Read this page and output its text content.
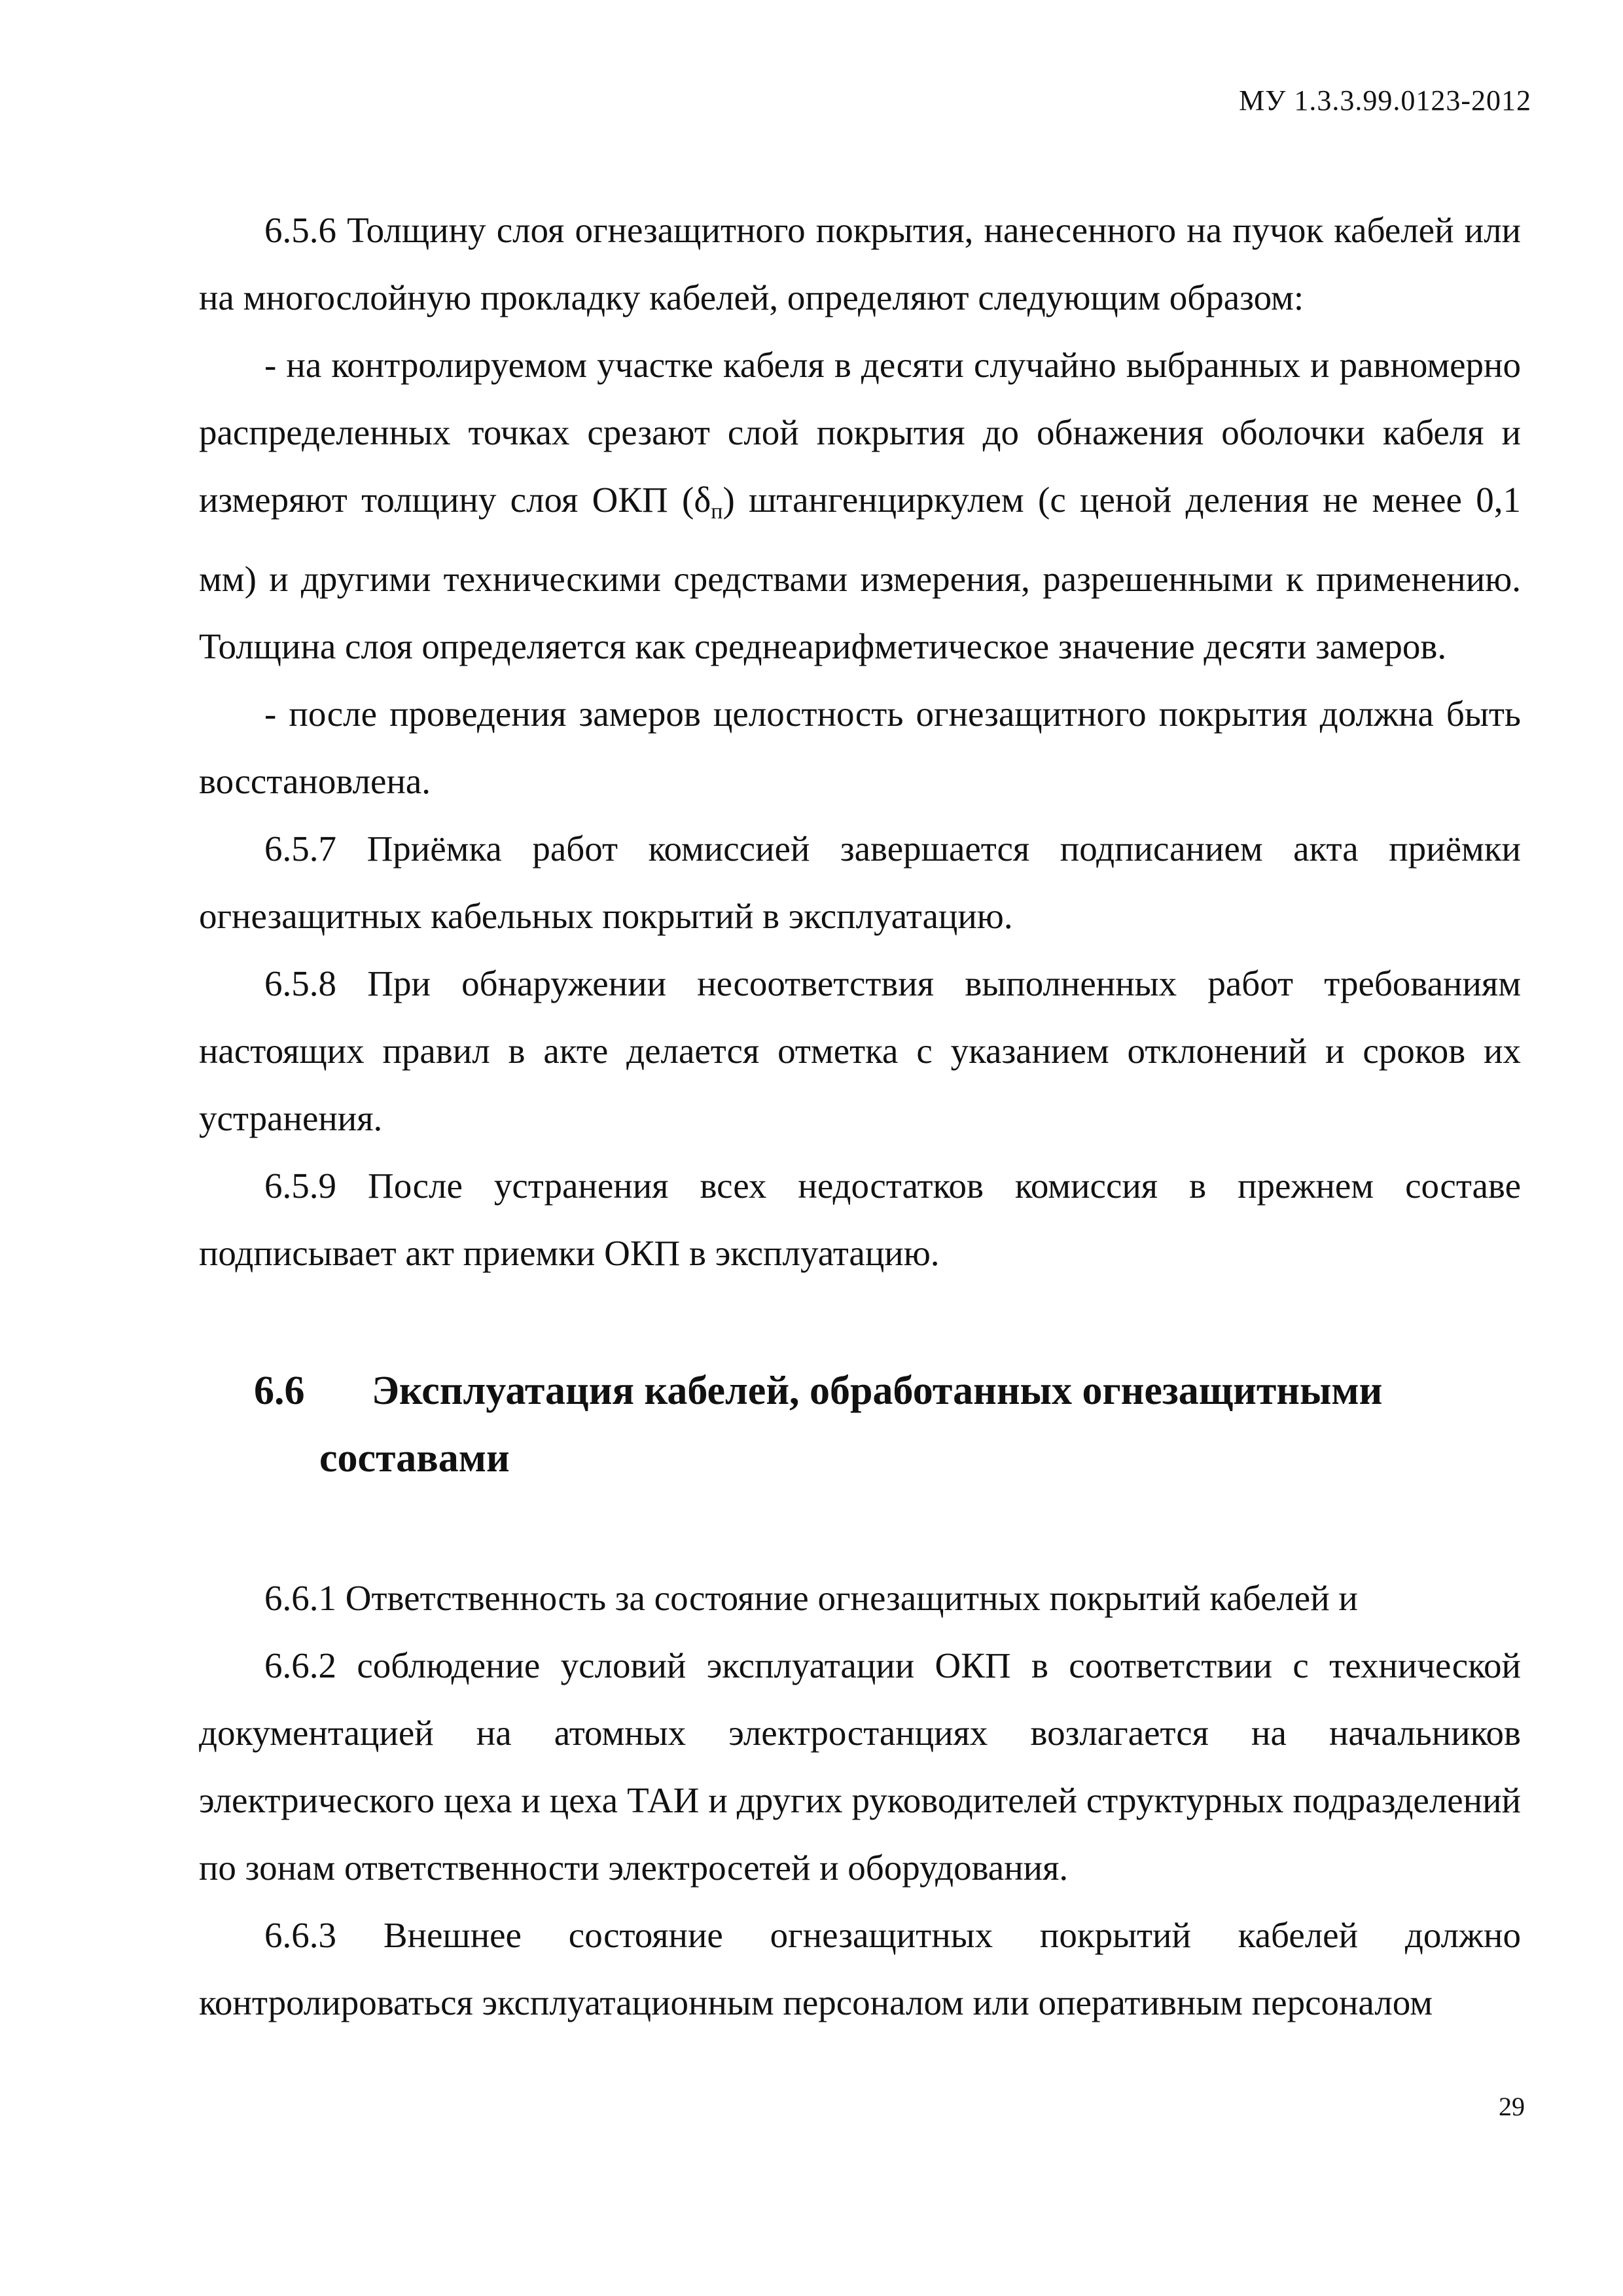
МУ 1.3.3.99.0123-2012

6.5.6 Толщину слоя огнезащитного покрытия, нанесенного на пучок кабелей или на многослойную прокладку кабелей, определяют следующим образом:

- на контролируемом участке кабеля в десяти случайно выбранных и равномерно распределенных точках срезают слой покрытия до обнажения оболочки кабеля и измеряют толщину слоя ОКП $(\delta_п)$ штангенциркулем (с ценой деления не менее 0,1 мм) и другими техническими средствами измерения, разрешенными к применению. Толщина слоя определяется как среднеарифметическое значение десяти замеров.

- после проведения замеров целостность огнезащитного покрытия должна быть восстановлена.

6.5.7 Приёмка работ комиссией завершается подписанием акта приёмки огнезащитных кабельных покрытий в эксплуатацию.

6.5.8 При обнаружении несоответствия выполненных работ требованиям настоящих правил в акте делается отметка с указанием отклонений и сроков их устранения.

6.5.9 После устранения всех недостатков комиссия в прежнем составе подписывает акт приемки ОКП в эксплуатацию.

6.6 Эксплуатация кабелей, обработанных огнезащитными
составами

6.6.1 Ответственность за состояние огнезащитных покрытий кабелей и

6.6.2 соблюдение условий эксплуатации ОКП в соответствии с технической документацией на атомных электростанциях возлагается на начальников электрического цеха и цеха ТАИ и других руководителей структурных подразделений по зонам ответственности электросетей и оборудования.

6.6.3 Внешнее состояние огнезащитных покрытий кабелей должно контролироваться эксплуатационным персоналом или оперативным персоналом

29
